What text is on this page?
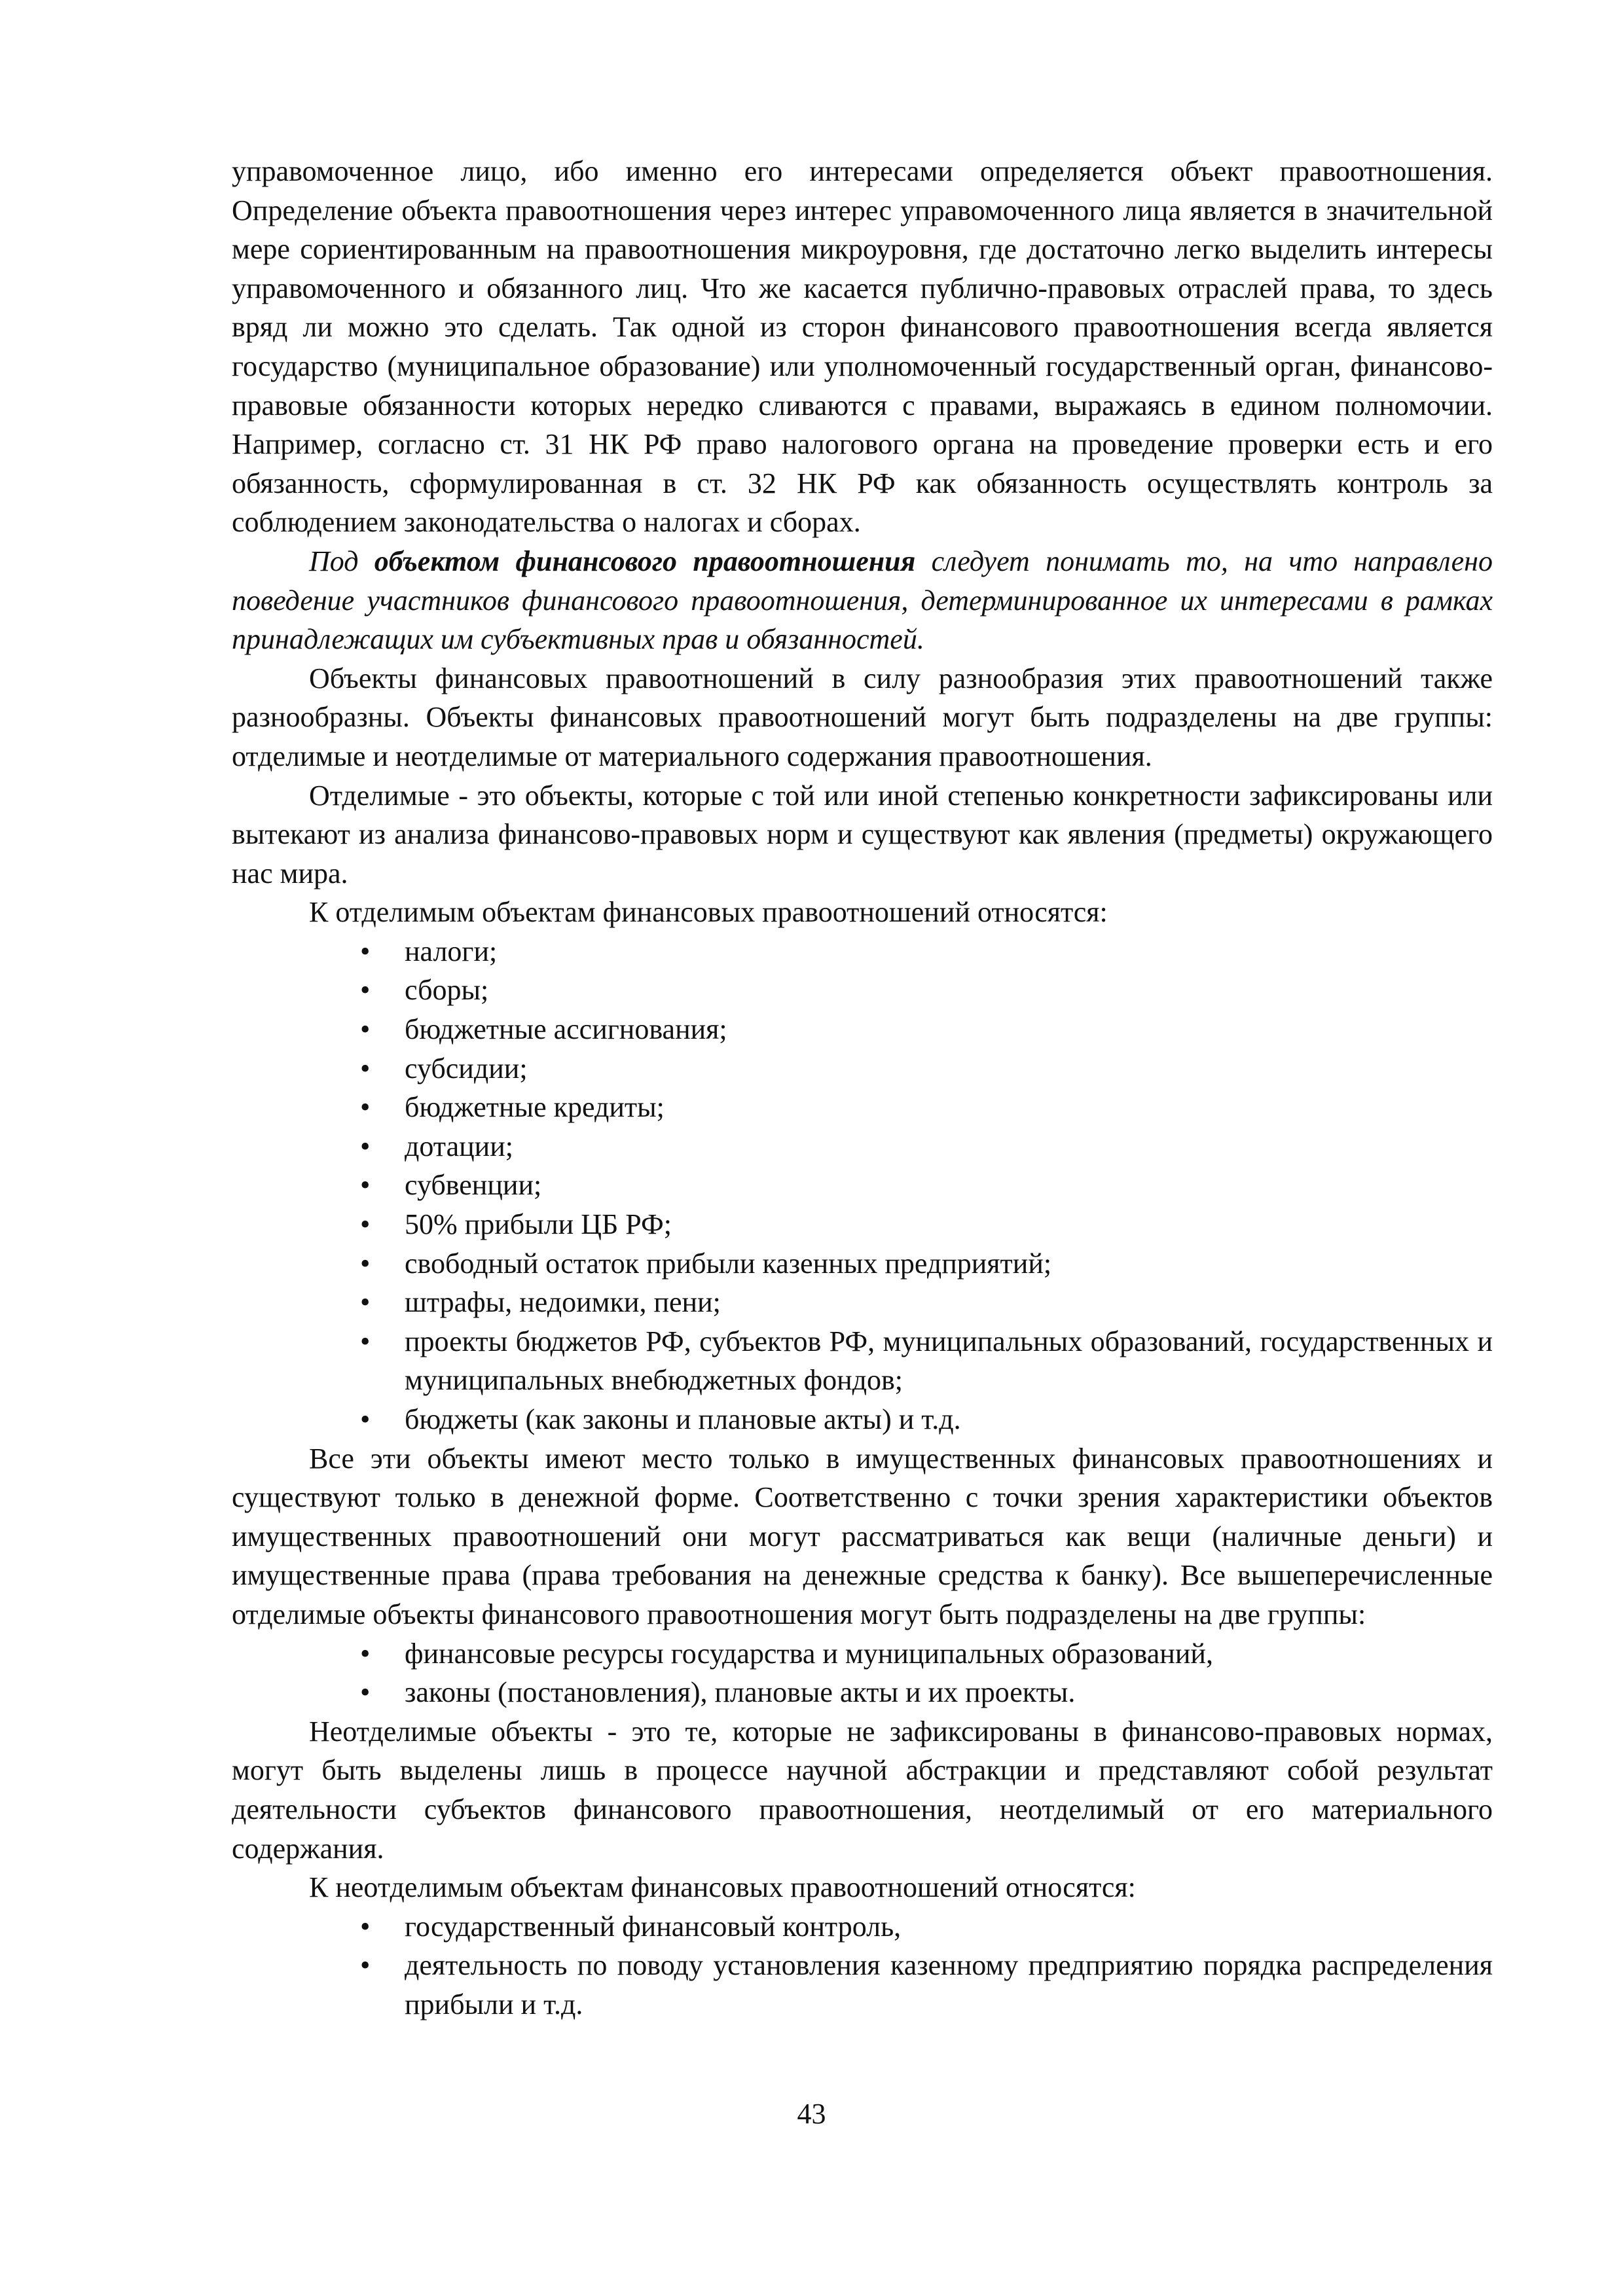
управомоченное лицо, ибо именно его интересами определяется объект правоотношения. Определение объекта правоотношения через интерес управомоченного лица является в значительной мере сориентированным на правоотношения микроуровня, где достаточно легко выделить интересы управомоченного и обязанного лиц. Что же касается публично-правовых отраслей права, то здесь вряд ли можно это сделать. Так одной из сторон финансового правоотношения всегда является государство (муниципальное образование) или уполномоченный государственный орган, финансово-правовые обязанности которых нередко сливаются с правами, выражаясь в едином полномочии. Например, согласно ст. 31 НК РФ право налогового органа на проведение проверки есть и его обязанность, сформулированная в ст. 32 НК РФ как обязанность осуществлять контроль за соблюдением законодательства о налогах и сборах.

Под объектом финансового правоотношения следует понимать то, на что направлено поведение участников финансового правоотношения, детерминированное их интересами в рамках принадлежащих им субъективных прав и обязанностей.

Объекты финансовых правоотношений в силу разнообразия этих правоотношений также разнообразны. Объекты финансовых правоотношений могут быть подразделены на две группы: отделимые и неотделимые от материального содержания правоотношения.

Отделимые - это объекты, которые с той или иной степенью конкретности зафиксированы или вытекают из анализа финансово-правовых норм и существуют как явления (предметы) окружающего нас мира.

К отделимым объектам финансовых правоотношений относятся:

• налоги;
• сборы;
• бюджетные ассигнования;
• субсидии;
• бюджетные кредиты;
• дотации;
• субвенции;
• 50% прибыли ЦБ РФ;
• свободный остаток прибыли казенных предприятий;
• штрафы, недоимки, пени;
• проекты бюджетов РФ, субъектов РФ, муниципальных образований, государственных и муниципальных внебюджетных фондов;
• бюджеты (как законы и плановые акты) и т.д.

Все эти объекты имеют место только в имущественных финансовых правоотношениях и существуют только в денежной форме. Соответственно с точки зрения характеристики объектов имущественных правоотношений они могут рассматриваться как вещи (наличные деньги) и имущественные права (права требования на денежные средства к банку). Все вышеперечисленные отделимые объекты финансового правоотношения могут быть подразделены на две группы:

• финансовые ресурсы государства и муниципальных образований,
• законы (постановления), плановые акты и их проекты.

Неотделимые объекты - это те, которые не зафиксированы в финансово-правовых нормах, могут быть выделены лишь в процессе научной абстракции и представляют собой результат деятельности субъектов финансового правоотношения, неотделимый от его материального содержания.

К неотделимым объектам финансовых правоотношений относятся:

• государственный финансовый контроль,
• деятельность по поводу установления казенному предприятию порядка распределения прибыли и т.д.
43
